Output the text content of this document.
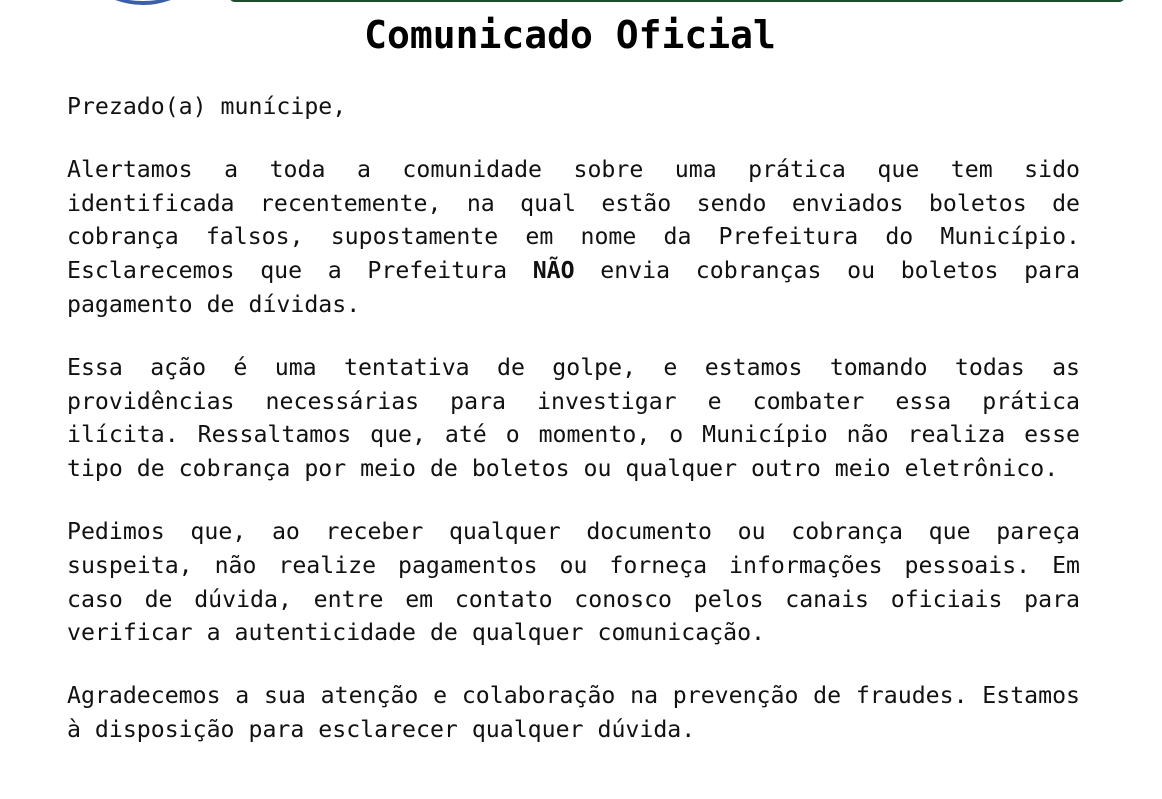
Comunicado Oficial

Prezado(a) munícipe,

Alertamos a toda a comunidade sobre uma prática que tem sido identificada recentemente, na qual estão sendo enviados boletos de cobrança falsos, supostamente em nome da Prefeitura do Município. Esclarecemos que a Prefeitura NÃO envia cobranças ou boletos para pagamento de dívidas.

Essa ação é uma tentativa de golpe, e estamos tomando todas as providências necessárias para investigar e combater essa prática ilícita. Ressaltamos que, até o momento, o Município não realiza esse tipo de cobrança por meio de boletos ou qualquer outro meio eletrônico.

Pedimos que, ao receber qualquer documento ou cobrança que pareça suspeita, não realize pagamentos ou forneça informações pessoais. Em caso de dúvida, entre em contato conosco pelos canais oficiais para verificar a autenticidade de qualquer comunicação.

Agradecemos a sua atenção e colaboração na prevenção de fraudes. Estamos à disposição para esclarecer qualquer dúvida.
